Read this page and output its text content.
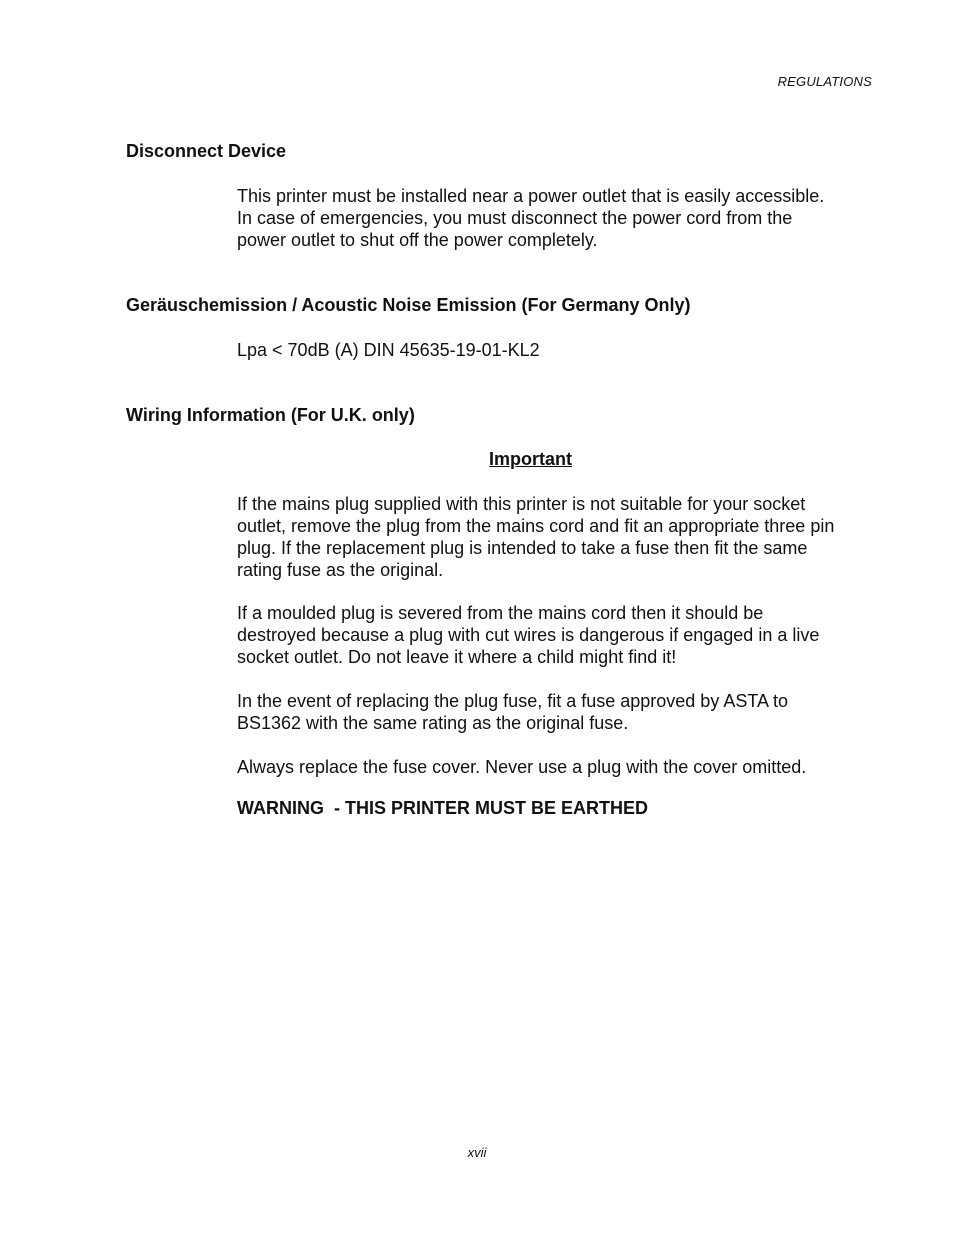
REGULATIONS
Disconnect Device

This printer must be installed near a power outlet that is easily accessible. In case of emergencies, you must disconnect the power cord from the power outlet to shut off the power completely.

Geräuschemission / Acoustic Noise Emission (For Germany Only)

Lpa < 70dB (A) DIN 45635-19-01-KL2

Wiring Information (For U.K. only)
Important

If the mains plug supplied with this printer is not suitable for your socket outlet, remove the plug from the mains cord and fit an appropriate three pin plug. If the replacement plug is intended to take a fuse then fit the same rating fuse as the original.

If a moulded plug is severed from the mains cord then it should be destroyed because a plug with cut wires is dangerous if engaged in a live socket outlet. Do not leave it where a child might find it!

In the event of replacing the plug fuse, fit a fuse approved by ASTA to BS1362 with the same rating as the original fuse.

Always replace the fuse cover. Never use a plug with the cover omitted.

WARNING  - THIS PRINTER MUST BE EARTHED
xvii
